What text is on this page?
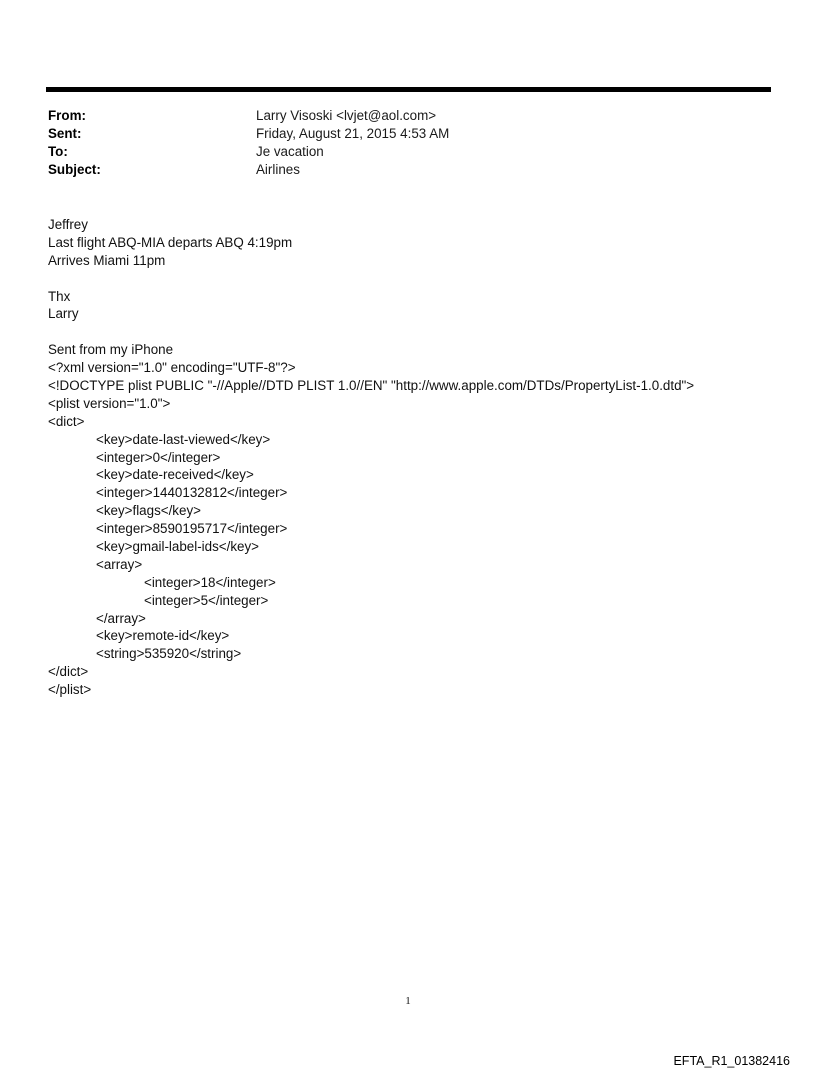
From:	Larry Visoski <lvjet@aol.com>
Sent:	Friday, August 21, 2015 4:53 AM
To:	Je vacation
Subject:	Airlines
Jeffrey
Last flight ABQ-MIA departs ABQ 4:19pm
Arrives Miami 11pm
Thx
Larry
Sent from my iPhone
<?xml version="1.0" encoding="UTF-8"?>
<!DOCTYPE plist PUBLIC "-//Apple//DTD PLIST 1.0//EN" "http://www.apple.com/DTDs/PropertyList-1.0.dtd">
<plist version="1.0">
<dict>
<key>date-last-viewed</key>
<integer>0</integer>
<key>date-received</key>
<integer>1440132812</integer>
<key>flags</key>
<integer>8590195717</integer>
<key>gmail-label-ids</key>
<array>
<integer>18</integer>
<integer>5</integer>
</array>
<key>remote-id</key>
<string>535920</string>
</dict>
</plist>
1
EFTA_R1_01382416
